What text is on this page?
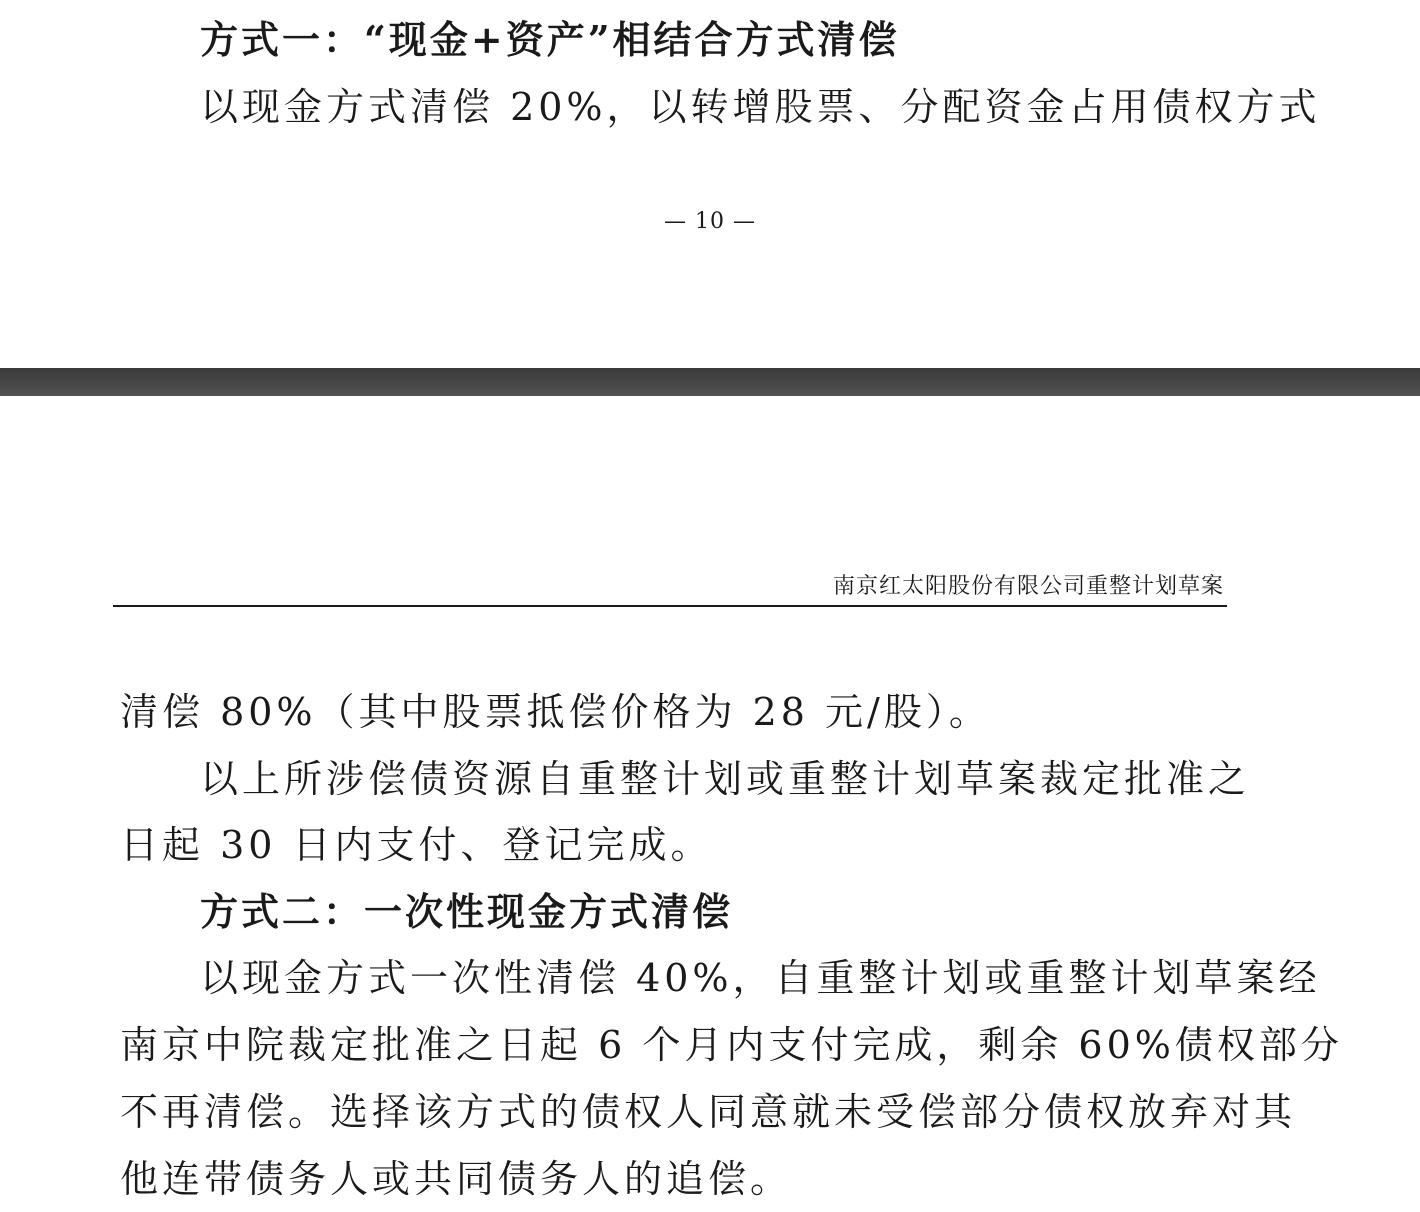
方式一：“现金+资产”相结合方式清偿
以现金方式清偿 20%，以转增股票、分配资金占用债权方式
— 10 —
南京红太阳股份有限公司重整计划草案
清偿 80%（其中股票抵偿价格为 28 元/股）。
以上所涉偿债资源自重整计划或重整计划草案裁定批准之
日起 30 日内支付、登记完成。
方式二：一次性现金方式清偿
以现金方式一次性清偿 40%，自重整计划或重整计划草案经
南京中院裁定批准之日起 6 个月内支付完成，剩余 60%债权部分
不再清偿。选择该方式的债权人同意就未受偿部分债权放弃对其
他连带债务人或共同债务人的追偿。
